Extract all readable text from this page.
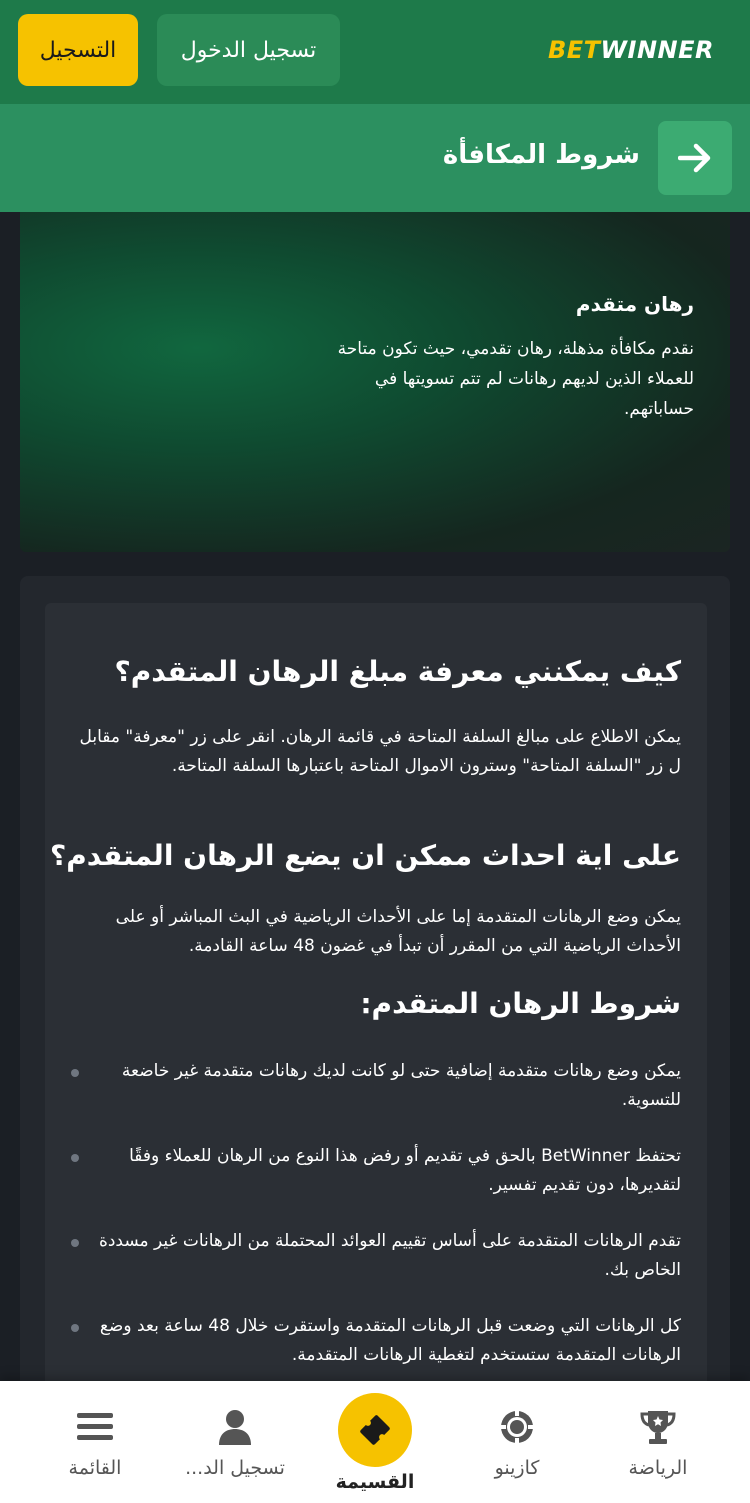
التسجيل	تسجيل الدخول	BETWINNER
شروط المكافأة
رهان متقدم
نقدم مكافأة مذهلة، رهان تقدمي، حيث تكون متاحة للعملاء الذين لديهم رهانات لم تتم تسويتها في حساباتهم.
كيف يمكنني معرفة مبلغ الرهان المتقدم؟

يمكن الاطلاع على مبالغ السلفة المتاحة في قائمة الرهان. انقر على زر "معرفة" مقابل ل زر "السلفة المتاحة" وسترون الاموال المتاحة باعتبارها السلفة المتاحة.

على اية احداث ممكن ان يضع الرهان المتقدم؟

يمكن وضع الرهانات المتقدمة إما على الأحداث الرياضية في البث المباشر أو على الأحداث الرياضية التي من المقرر أن تبدأ في غضون 48 ساعة القادمة.

شروط الرهان المتقدم:
يمكن وضع رهانات متقدمة إضافية حتى لو كانت لديك رهانات متقدمة غير خاضعة للتسوية.
تحتفظ BetWinner بالحق في تقديم أو رفض هذا النوع من الرهان للعملاء وفقًا لتقديرها، دون تقديم تفسير.
تقدم الرهانات المتقدمة على أساس تقييم العوائد المحتملة من الرهانات غير مسددة الخاص بك.
كل الرهانات التي وضعت قبل الرهانات المتقدمة واستقرت خلال 48 ساعة بعد وضع الرهانات المتقدمة ستستخدم لتغطية الرهانات المتقدمة.
القائمة	تسجيل الد...
القسيمة
كازينو	الرياضة
